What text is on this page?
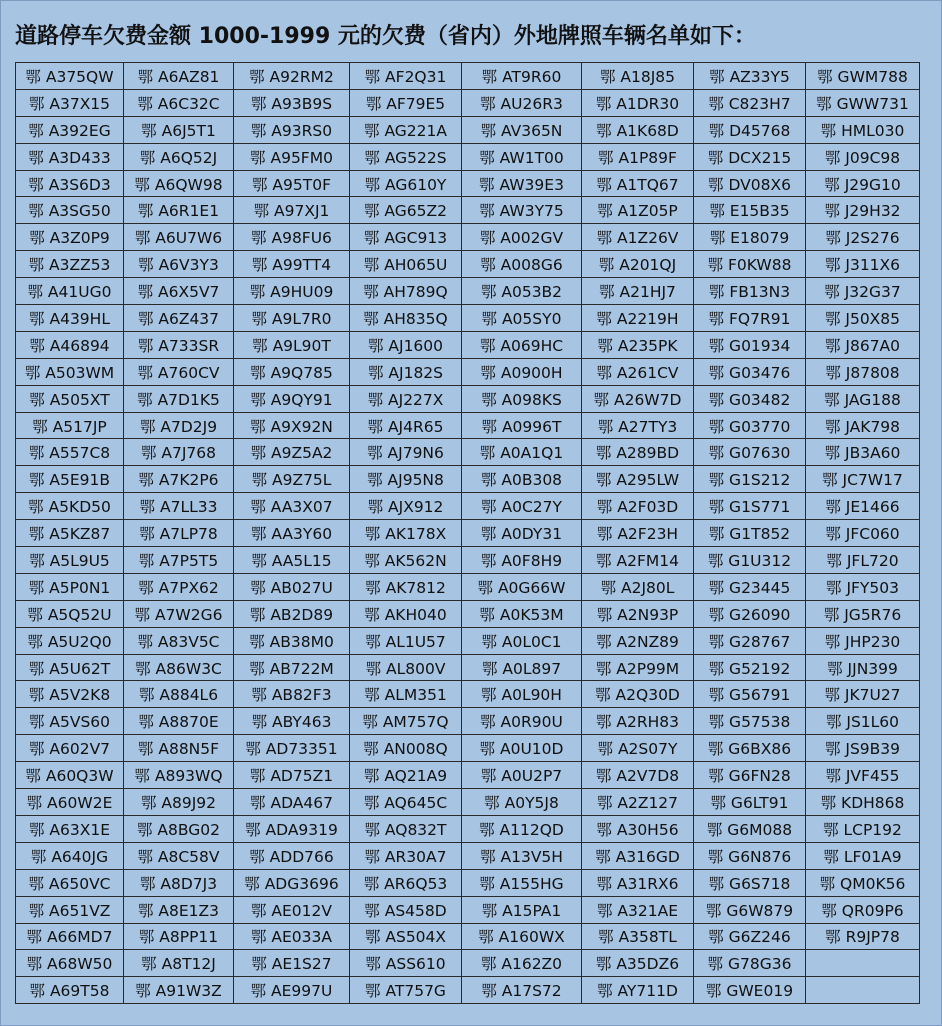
道路停车欠费金额 1000-1999 元的欠费（省内）外地牌照车辆名单如下：
鄂 A375QW	鄂 A6AZ81	鄂 A92RM2	鄂 AF2Q31	鄂 AT9R60	鄂 A18J85	鄂 AZ33Y5	鄂 GWM788
鄂 A37X15	鄂 A6C32C	鄂 A93B9S	鄂 AF79E5	鄂 AU26R3	鄂 A1DR30	鄂 C823H7	鄂 GWW731
鄂 A392EG	鄂 A6J5T1	鄂 A93RS0	鄂 AG221A	鄂 AV365N	鄂 A1K68D	鄂 D45768	鄂 HML030
鄂 A3D433	鄂 A6Q52J	鄂 A95FM0	鄂 AG522S	鄂 AW1T00	鄂 A1P89F	鄂 DCX215	鄂 J09C98
鄂 A3S6D3	鄂 A6QW98	鄂 A95T0F	鄂 AG610Y	鄂 AW39E3	鄂 A1TQ67	鄂 DV08X6	鄂 J29G10
鄂 A3SG50	鄂 A6R1E1	鄂 A97XJ1	鄂 AG65Z2	鄂 AW3Y75	鄂 A1Z05P	鄂 E15B35	鄂 J29H32
鄂 A3Z0P9	鄂 A6U7W6	鄂 A98FU6	鄂 AGC913	鄂 A002GV	鄂 A1Z26V	鄂 E18079	鄂 J2S276
鄂 A3ZZ53	鄂 A6V3Y3	鄂 A99TT4	鄂 AH065U	鄂 A008G6	鄂 A201QJ	鄂 F0KW88	鄂 J311X6
鄂 A41UG0	鄂 A6X5V7	鄂 A9HU09	鄂 AH789Q	鄂 A053B2	鄂 A21HJ7	鄂 FB13N3	鄂 J32G37
鄂 A439HL	鄂 A6Z437	鄂 A9L7R0	鄂 AH835Q	鄂 A05SY0	鄂 A2219H	鄂 FQ7R91	鄂 J50X85
鄂 A46894	鄂 A733SR	鄂 A9L90T	鄂 AJ1600	鄂 A069HC	鄂 A235PK	鄂 G01934	鄂 J867A0
鄂 A503WM	鄂 A760CV	鄂 A9Q785	鄂 AJ182S	鄂 A0900H	鄂 A261CV	鄂 G03476	鄂 J87808
鄂 A505XT	鄂 A7D1K5	鄂 A9QY91	鄂 AJ227X	鄂 A098KS	鄂 A26W7D	鄂 G03482	鄂 JAG188
鄂 A517JP	鄂 A7D2J9	鄂 A9X92N	鄂 AJ4R65	鄂 A0996T	鄂 A27TY3	鄂 G03770	鄂 JAK798
鄂 A557C8	鄂 A7J768	鄂 A9Z5A2	鄂 AJ79N6	鄂 A0A1Q1	鄂 A289BD	鄂 G07630	鄂 JB3A60
鄂 A5E91B	鄂 A7K2P6	鄂 A9Z75L	鄂 AJ95N8	鄂 A0B308	鄂 A295LW	鄂 G1S212	鄂 JC7W17
鄂 A5KD50	鄂 A7LL33	鄂 AA3X07	鄂 AJX912	鄂 A0C27Y	鄂 A2F03D	鄂 G1S771	鄂 JE1466
鄂 A5KZ87	鄂 A7LP78	鄂 AA3Y60	鄂 AK178X	鄂 A0DY31	鄂 A2F23H	鄂 G1T852	鄂 JFC060
鄂 A5L9U5	鄂 A7P5T5	鄂 AA5L15	鄂 AK562N	鄂 A0F8H9	鄂 A2FM14	鄂 G1U312	鄂 JFL720
鄂 A5P0N1	鄂 A7PX62	鄂 AB027U	鄂 AK7812	鄂 A0G66W	鄂 A2J80L	鄂 G23445	鄂 JFY503
鄂 A5Q52U	鄂 A7W2G6	鄂 AB2D89	鄂 AKH040	鄂 A0K53M	鄂 A2N93P	鄂 G26090	鄂 JG5R76
鄂 A5U2Q0	鄂 A83V5C	鄂 AB38M0	鄂 AL1U57	鄂 A0L0C1	鄂 A2NZ89	鄂 G28767	鄂 JHP230
鄂 A5U62T	鄂 A86W3C	鄂 AB722M	鄂 AL800V	鄂 A0L897	鄂 A2P99M	鄂 G52192	鄂 JJN399
鄂 A5V2K8	鄂 A884L6	鄂 AB82F3	鄂 ALM351	鄂 A0L90H	鄂 A2Q30D	鄂 G56791	鄂 JK7U27
鄂 A5VS60	鄂 A8870E	鄂 ABY463	鄂 AM757Q	鄂 A0R90U	鄂 A2RH83	鄂 G57538	鄂 JS1L60
鄂 A602V7	鄂 A88N5F	鄂 AD73351	鄂 AN008Q	鄂 A0U10D	鄂 A2S07Y	鄂 G6BX86	鄂 JS9B39
鄂 A60Q3W	鄂 A893WQ	鄂 AD75Z1	鄂 AQ21A9	鄂 A0U2P7	鄂 A2V7D8	鄂 G6FN28	鄂 JVF455
鄂 A60W2E	鄂 A89J92	鄂 ADA467	鄂 AQ645C	鄂 A0Y5J8	鄂 A2Z127	鄂 G6LT91	鄂 KDH868
鄂 A63X1E	鄂 A8BG02	鄂 ADA9319	鄂 AQ832T	鄂 A112QD	鄂 A30H56	鄂 G6M088	鄂 LCP192
鄂 A640JG	鄂 A8C58V	鄂 ADD766	鄂 AR30A7	鄂 A13V5H	鄂 A316GD	鄂 G6N876	鄂 LF01A9
鄂 A650VC	鄂 A8D7J3	鄂 ADG3696	鄂 AR6Q53	鄂 A155HG	鄂 A31RX6	鄂 G6S718	鄂 QM0K56
鄂 A651VZ	鄂 A8E1Z3	鄂 AE012V	鄂 AS458D	鄂 A15PA1	鄂 A321AE	鄂 G6W879	鄂 QR09P6
鄂 A66MD7	鄂 A8PP11	鄂 AE033A	鄂 AS504X	鄂 A160WX	鄂 A358TL	鄂 G6Z246	鄂 R9JP78
鄂 A68W50	鄂 A8T12J	鄂 AE1S27	鄂 ASS610	鄂 A162Z0	鄂 A35DZ6	鄂 G78G36	
鄂 A69T58	鄂 A91W3Z	鄂 AE997U	鄂 AT757G	鄂 A17S72	鄂 AY711D	鄂 GWE019	
